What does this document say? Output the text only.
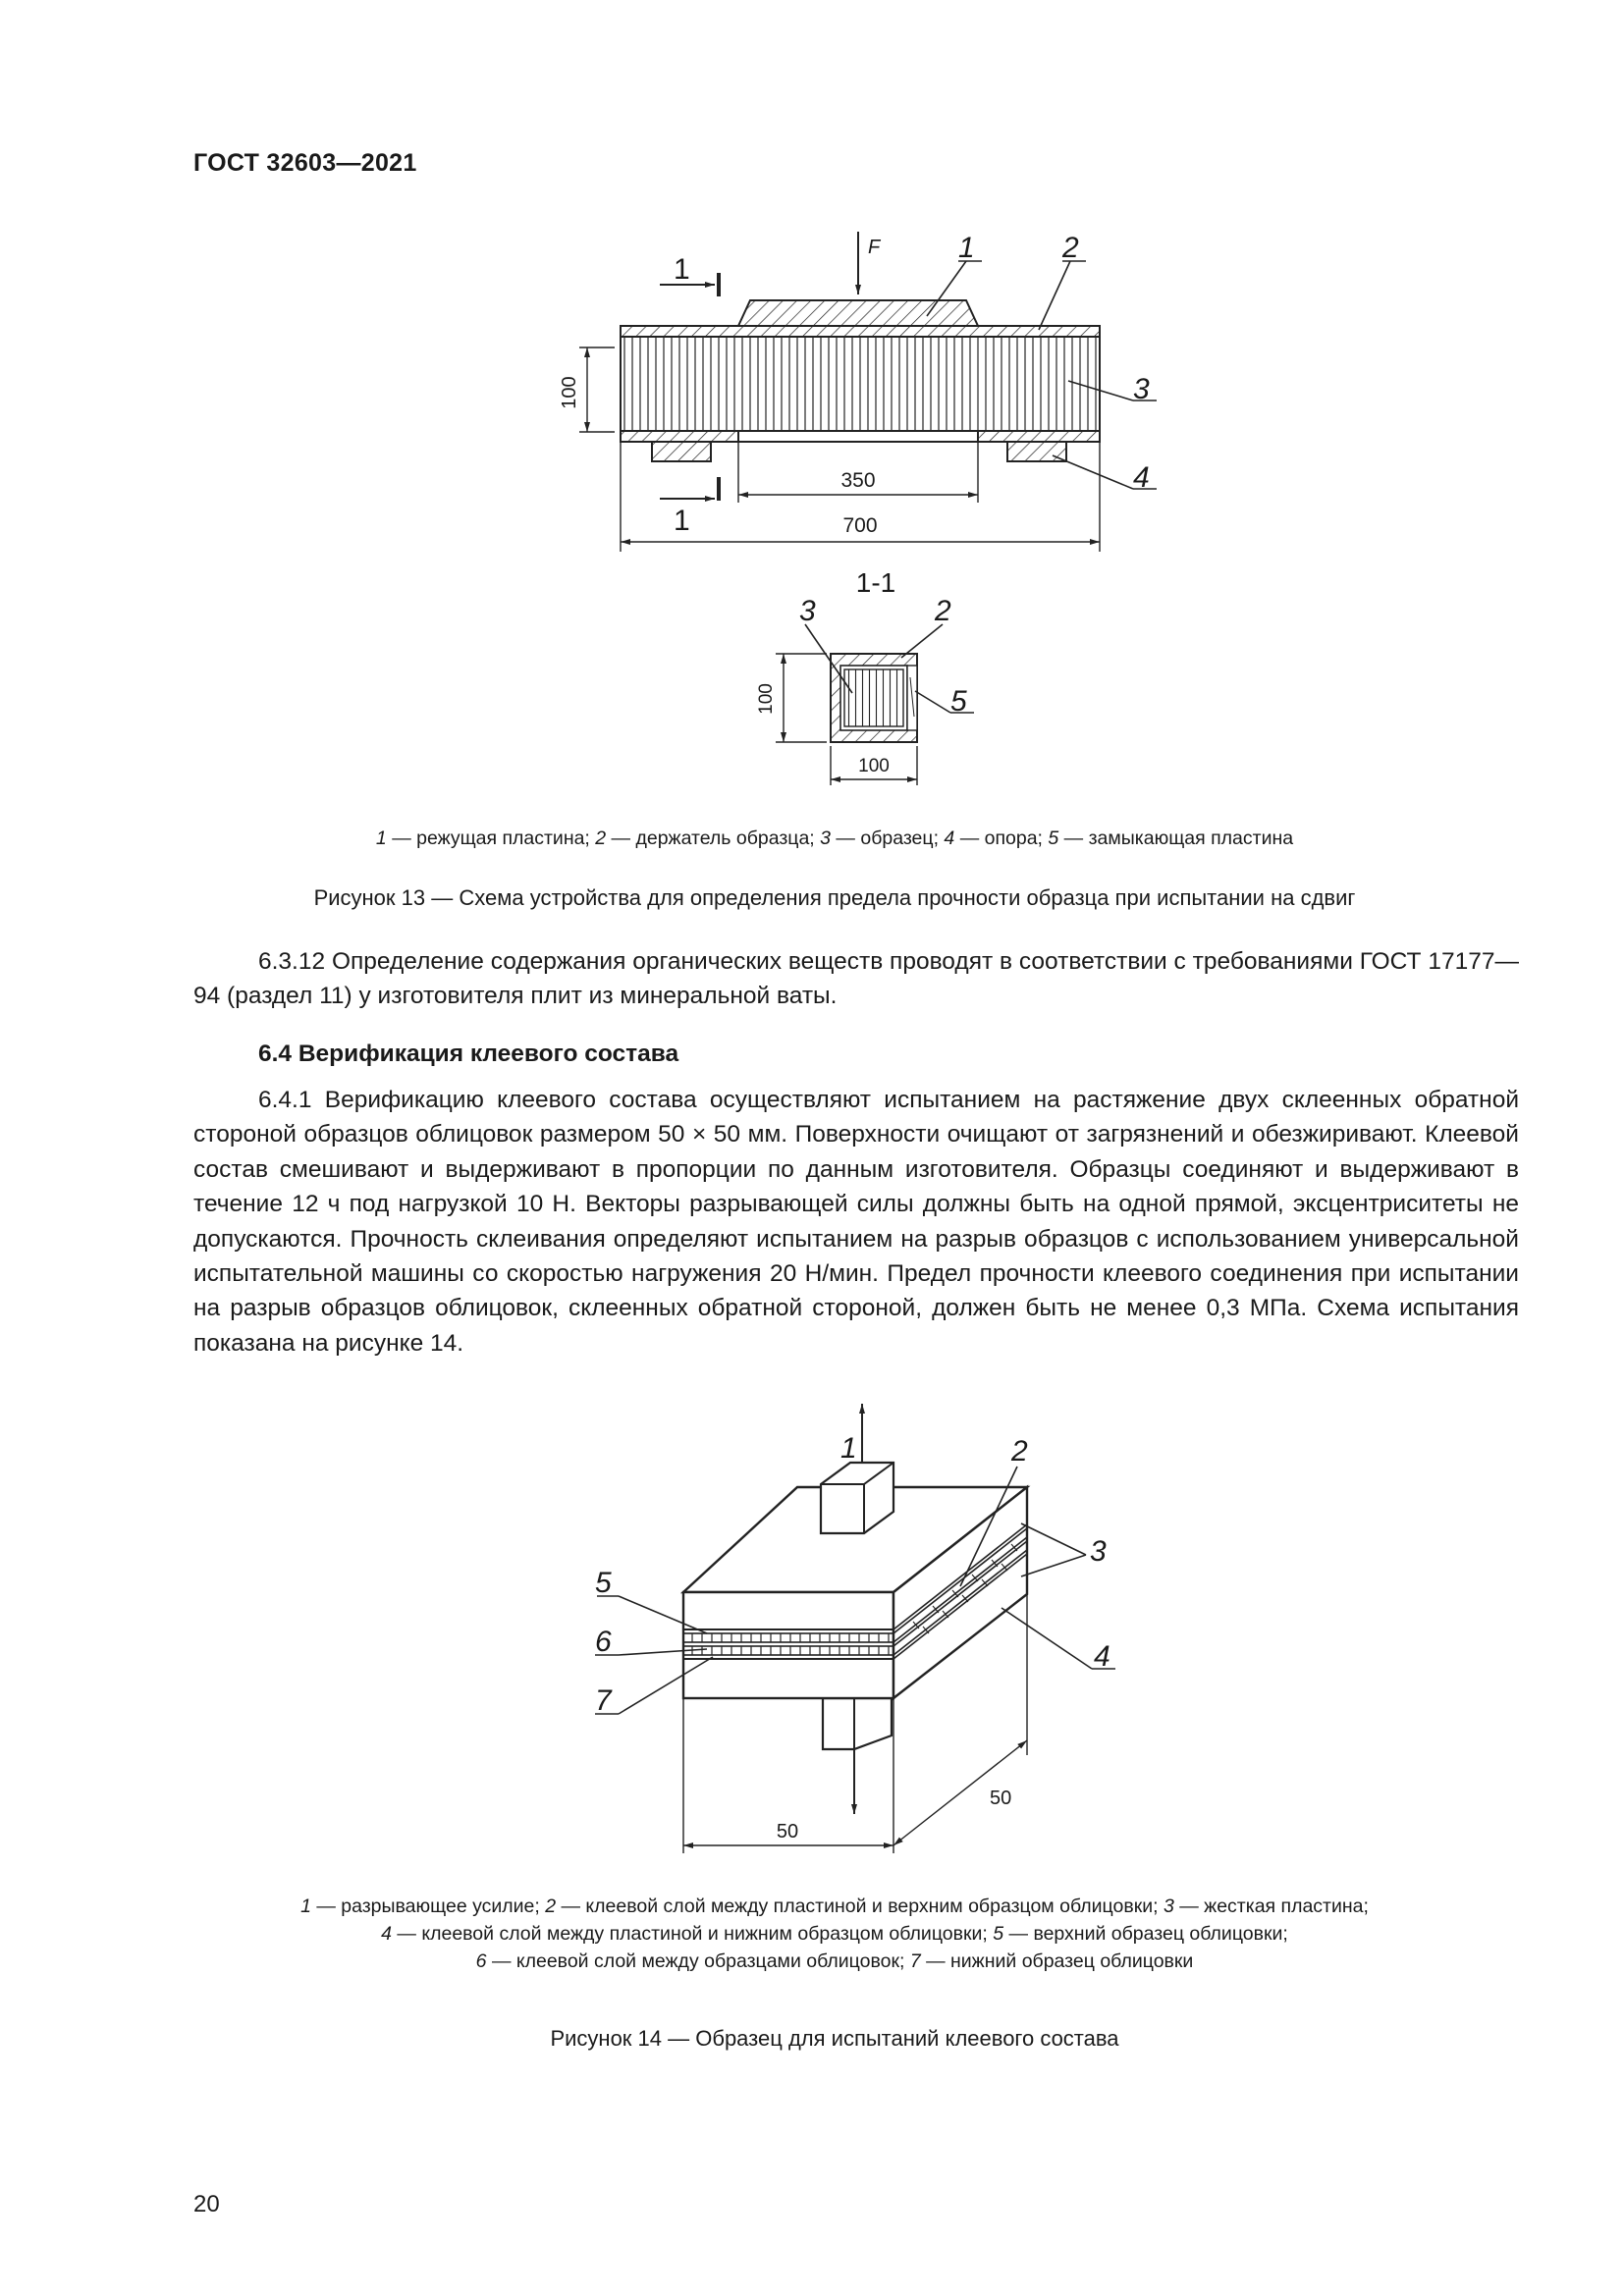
ГОСТ 32603—2021
F	1	2
3
4
1
1
100
350
700
1-1
3	2
5
100
100
1 — режущая пластина; 2 — держатель образца; 3 — образец; 4 — опора; 5 — замыкающая пластина
Рисунок 13 — Схема устройства для определения предела прочности образца при испытании на сдвиг

6.3.12 Определение содержания органических веществ проводят в соответствии с требованиями ГОСТ 17177—94 (раздел 11) у изготовителя плит из минеральной ваты.

6.4 Верификация клеевого состава

6.4.1 Верификацию клеевого состава осуществляют испытанием на растяжение двух склеенных обратной стороной образцов облицовок размером 50 × 50 мм. Поверхности очищают от загрязнений и обезжиривают. Клеевой состав смешивают и выдерживают в пропорции по данным изготовителя. Образцы соединяют и выдерживают в течение 12 ч под нагрузкой 10 Н. Векторы разрывающей силы должны быть на одной прямой, эксцентриситеты не допускаются. Прочность склеивания определяют испытанием на разрыв образцов с использованием универсальной испытательной машины со скоростью нагружения 20 Н/мин. Предел прочности клеевого соединения при испытании на разрыв образцов облицовок, склеенных обратной стороной, должен быть не менее 0,3 МПа. Схема испытания показана на рисунке 14.

1	2
3
4
5
6
7
50
50
1 — разрывающее усилие; 2 — клеевой слой между пластиной и верхним образцом облицовки; 3 — жесткая пластина;
4 — клеевой слой между пластиной и нижним образцом облицовки; 5 — верхний образец облицовки;
6 — клеевой слой между образцами облицовок; 7 — нижний образец облицовки
Рисунок 14 — Образец для испытаний клеевого состава
20
